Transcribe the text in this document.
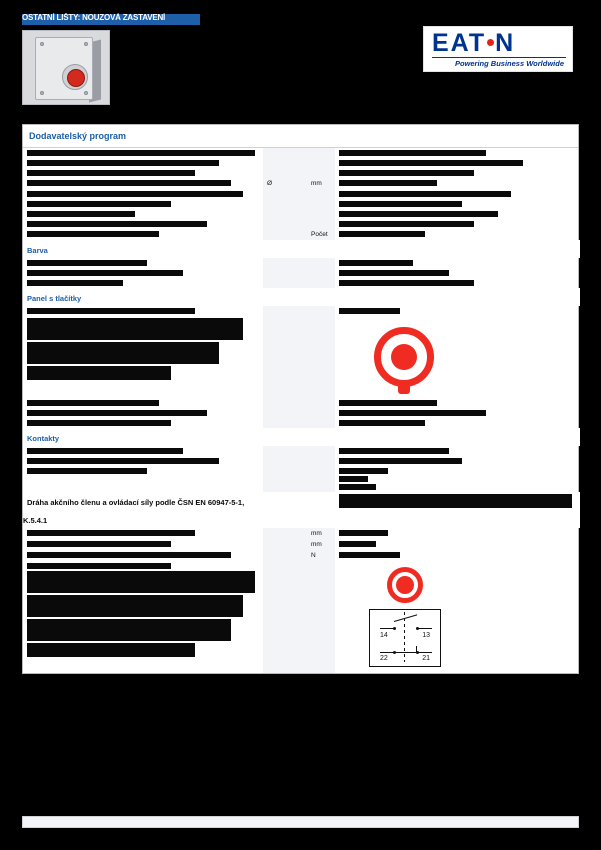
OSTATNÍ LIŠTY: NOUZOVÁ ZASTAVENÍ
EAT N
Powering Business Worldwide
Dodavatelský program

	Ø	mm	

		Počet	

Barva			

Panel s tlačítky			

Kontakty			

Dráha akčního členu a ovládací síly podle ČSN EN 60947-5-1, K.5.4.1			

		mm	

		mm	

		N	

			14 13
22 21
